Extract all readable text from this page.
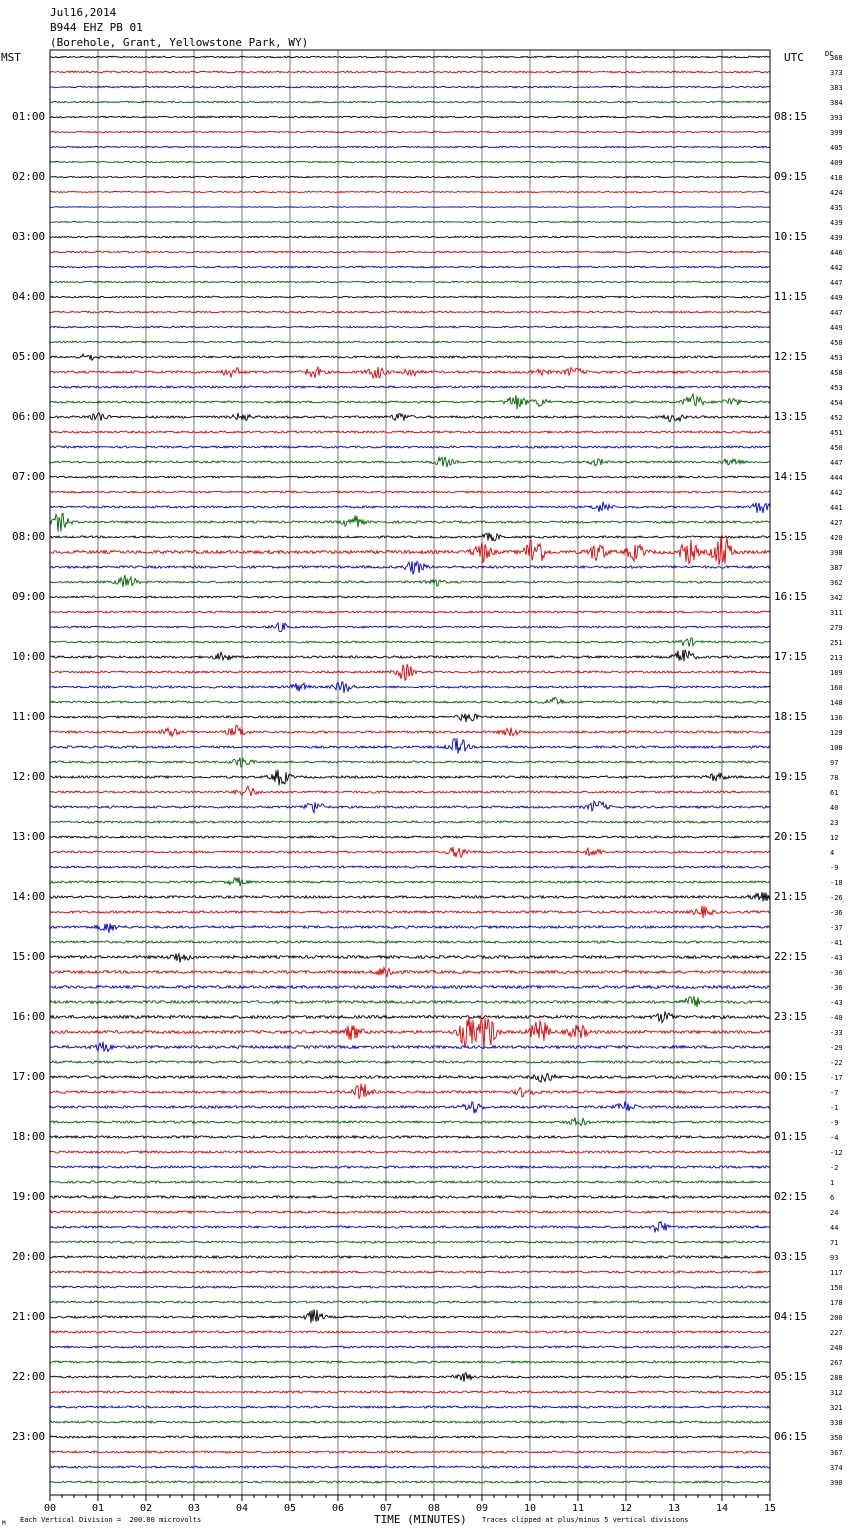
Jul16,2014
B944 EHZ PB 01
(Borehole, Grant, Yellowstone Park, WY)
MST	UTC	DC
00	01	02	03	04	05	06	07	08	09	10	11	12	13	14	15
01:00
02:00
03:00
04:00
05:00
06:00
07:00
08:00
09:00
10:00
11:00
12:00
13:00
14:00
15:00
16:00
17:00
18:00
19:00
20:00
21:00
22:00
23:00
08:15
09:15
10:15
11:15
12:15
13:15
14:15
15:15
16:15
17:15
18:15
19:15
20:15
21:15
22:15
23:15
00:15
01:15
02:15
03:15
04:15
05:15
06:15
368
373
383
384
393
399
405
409
418
424
435
439
439
446
442
447
449
447
449
450
453
458
453
454
452
451
450
447
444
442
441
427
420
398
387
362
342
311
279
251
213
189
160
148
136
129
108
97
78
61
40
23
12
4
-9
-18
-26
-36
-37
-41
-43
-36
-36
-43
-40
-33
-29
-22
-17
-7
-1
-9
-4
-12
-2
1
6
24
44
71
93
117
150
178
200
227
248
267
288
312
321
338
350
367
374
390
M Each Vertical Division =  200.00 microvolts	TIME (MINUTES) Traces clipped at plus/minus 5 vertical divisions
